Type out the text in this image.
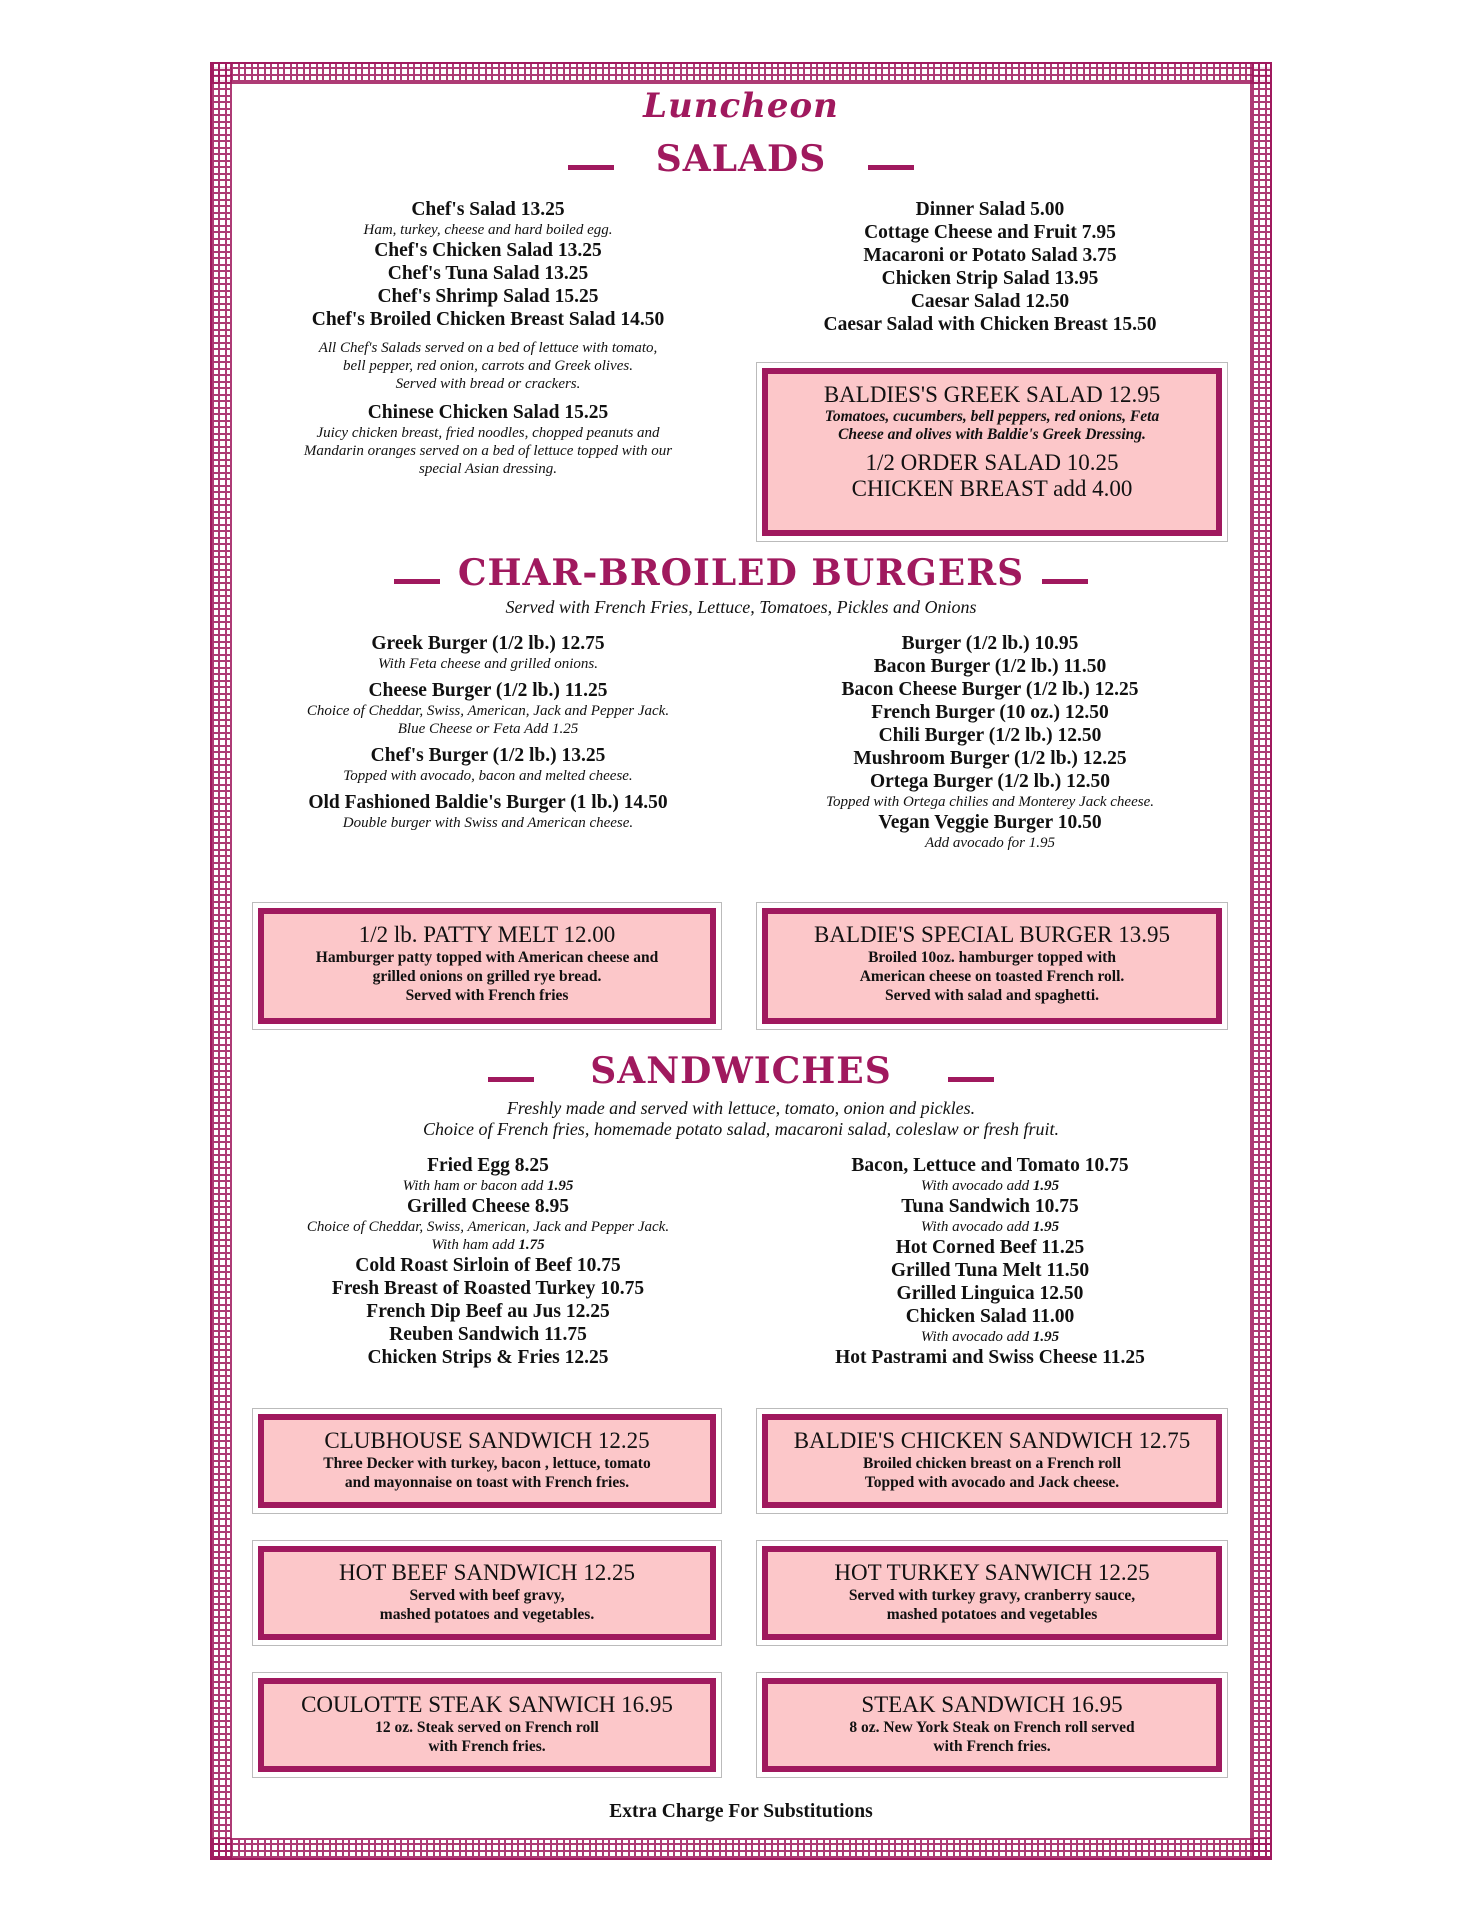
Luncheon
SALADS
Chef's Salad 13.25
Ham, turkey, cheese and hard boiled egg.
Chef's Chicken Salad 13.25
Chef's Tuna Salad 13.25
Chef's Shrimp Salad 15.25
Chef's Broiled Chicken Breast Salad 14.50
All Chef's Salads served on a bed of lettuce with tomato,
bell pepper, red onion, carrots and Greek olives.
Served with bread or crackers.
Chinese Chicken Salad 15.25
Juicy chicken breast, fried noodles, chopped peanuts and
Mandarin oranges served on a bed of lettuce topped with our
special Asian dressing.
Dinner Salad 5.00
Cottage Cheese and Fruit 7.95
Macaroni or Potato Salad 3.75
Chicken Strip Salad 13.95
Caesar Salad 12.50
Caesar Salad with Chicken Breast 15.50
BALDIES'S GREEK SALAD 12.95
Tomatoes, cucumbers, bell peppers, red onions, Feta
Cheese and olives with Baldie's Greek Dressing.
1/2 ORDER SALAD 10.25
CHICKEN BREAST add 4.00
CHAR-BROILED BURGERS
Served with French Fries, Lettuce, Tomatoes, Pickles and Onions
Greek Burger (1/2 lb.) 12.75
With Feta cheese and grilled onions.
Cheese Burger (1/2 lb.) 11.25
Choice of Cheddar, Swiss, American, Jack and Pepper Jack.
Blue Cheese or Feta Add 1.25
Chef's Burger (1/2 lb.) 13.25
Topped with avocado, bacon and melted cheese.
Old Fashioned Baldie's Burger (1 lb.) 14.50
Double burger with Swiss and American cheese.
Burger (1/2 lb.) 10.95
Bacon Burger (1/2 lb.) 11.50
Bacon Cheese Burger (1/2 lb.) 12.25
French Burger (10 oz.) 12.50
Chili Burger (1/2 lb.) 12.50
Mushroom Burger (1/2 lb.) 12.25
Ortega Burger (1/2 lb.) 12.50
Topped with Ortega chilies and Monterey Jack cheese.
Vegan Veggie Burger 10.50
Add avocado for 1.95
1/2 lb. PATTY MELT 12.00
Hamburger patty topped with American cheese and
grilled onions on grilled rye bread.
Served with French fries
BALDIE'S SPECIAL BURGER 13.95
Broiled 10oz. hamburger topped with
American cheese on toasted French roll.
Served with salad and spaghetti.
SANDWICHES
Freshly made and served with lettuce, tomato, onion and pickles.
Choice of French fries, homemade potato salad, macaroni salad, coleslaw or fresh fruit.
Fried Egg 8.25
With ham or bacon add 1.95
Grilled Cheese 8.95
Choice of Cheddar, Swiss, American, Jack and Pepper Jack.
With ham add 1.75
Cold Roast Sirloin of Beef 10.75
Fresh Breast of Roasted Turkey 10.75
French Dip Beef au Jus 12.25
Reuben Sandwich 11.75
Chicken Strips & Fries 12.25
Bacon, Lettuce and Tomato 10.75
With avocado add 1.95
Tuna Sandwich 10.75
With avocado add 1.95
Hot Corned Beef 11.25
Grilled Tuna Melt 11.50
Grilled Linguica 12.50
Chicken Salad 11.00
With avocado add 1.95
Hot Pastrami and Swiss Cheese 11.25
CLUBHOUSE SANDWICH 12.25
Three Decker with turkey, bacon , lettuce, tomato
and mayonnaise on toast with French fries.
BALDIE'S CHICKEN SANDWICH 12.75
Broiled chicken breast on a French roll
Topped with avocado and Jack cheese.
HOT BEEF SANDWICH 12.25
Served with beef gravy,
mashed potatoes and vegetables.
HOT TURKEY SANWICH 12.25
Served with turkey gravy, cranberry sauce,
mashed potatoes and vegetables
COULOTTE STEAK SANWICH 16.95
12 oz. Steak served on French roll
with French fries.
STEAK SANDWICH 16.95
8 oz. New York Steak on French roll served
with French fries.
Extra Charge For Substitutions
